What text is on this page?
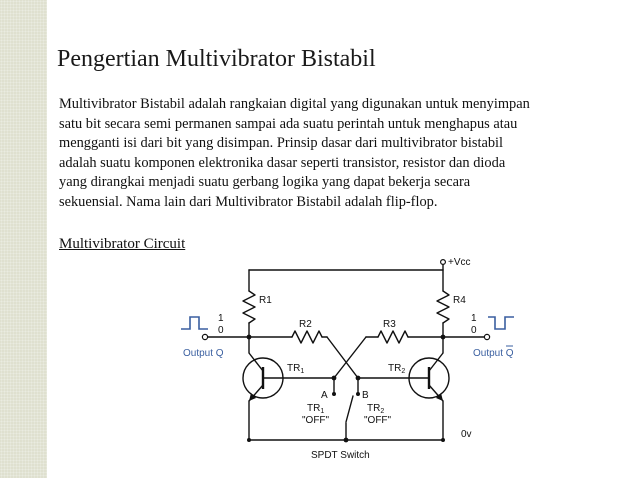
Pengertian Multivibrator Bistabil

Multivibrator Bistabil adalah rangkaian digital yang digunakan untuk menyimpan
satu bit secara semi permanen sampai ada suatu perintah untuk menghapus atau
mengganti isi dari bit yang disimpan. Prinsip dasar dari multivibrator bistabil
adalah suatu komponen elektronika dasar seperti transistor, resistor dan dioda
yang dirangkai menjadi suatu gerbang logika yang dapat bekerja secara
sekuensial. Nama lain dari Multivibrator Bistabil adalah flip-flop.

Multivibrator Circuit
+Vcc
R1	R4
R2	R3
1
0
1
0
$TR_1$	$TR_2$
A	B
$TR_1$
"OFF"
$TR_2$
"OFF"
0v
SPDT Switch
Output Q	Output Q
